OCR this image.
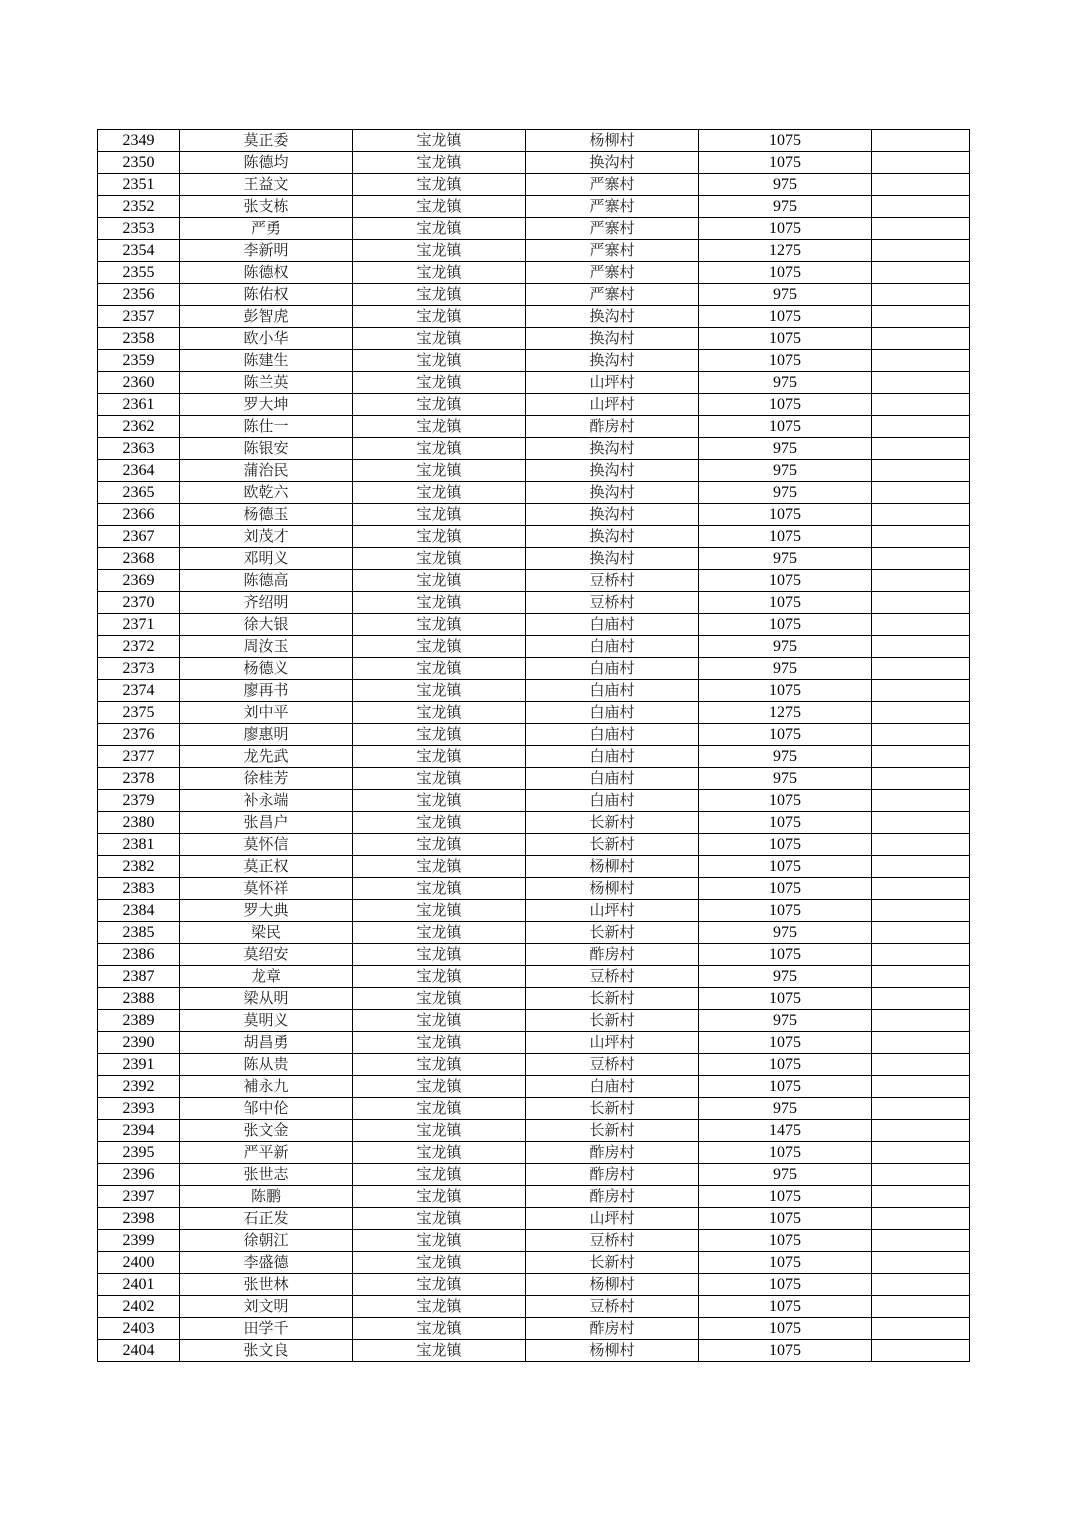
2349	莫正委	宝龙镇	杨柳村	1075	
2350	陈德均	宝龙镇	换沟村	1075	
2351	王益文	宝龙镇	严寨村	975	
2352	张支栋	宝龙镇	严寨村	975	
2353	严勇	宝龙镇	严寨村	1075	
2354	李新明	宝龙镇	严寨村	1275	
2355	陈德权	宝龙镇	严寨村	1075	
2356	陈佑权	宝龙镇	严寨村	975	
2357	彭智虎	宝龙镇	换沟村	1075	
2358	欧小华	宝龙镇	换沟村	1075	
2359	陈建生	宝龙镇	换沟村	1075	
2360	陈兰英	宝龙镇	山坪村	975	
2361	罗大坤	宝龙镇	山坪村	1075	
2362	陈仕一	宝龙镇	酢房村	1075	
2363	陈银安	宝龙镇	换沟村	975	
2364	蒲治民	宝龙镇	换沟村	975	
2365	欧乾六	宝龙镇	换沟村	975	
2366	杨德玉	宝龙镇	换沟村	1075	
2367	刘茂才	宝龙镇	换沟村	1075	
2368	邓明义	宝龙镇	换沟村	975	
2369	陈德高	宝龙镇	豆桥村	1075	
2370	齐绍明	宝龙镇	豆桥村	1075	
2371	徐大银	宝龙镇	白庙村	1075	
2372	周汝玉	宝龙镇	白庙村	975	
2373	杨德义	宝龙镇	白庙村	975	
2374	廖再书	宝龙镇	白庙村	1075	
2375	刘中平	宝龙镇	白庙村	1275	
2376	廖惠明	宝龙镇	白庙村	1075	
2377	龙先武	宝龙镇	白庙村	975	
2378	徐桂芳	宝龙镇	白庙村	975	
2379	补永端	宝龙镇	白庙村	1075	
2380	张昌户	宝龙镇	长新村	1075	
2381	莫怀信	宝龙镇	长新村	1075	
2382	莫正权	宝龙镇	杨柳村	1075	
2383	莫怀祥	宝龙镇	杨柳村	1075	
2384	罗大典	宝龙镇	山坪村	1075	
2385	梁民	宝龙镇	长新村	975	
2386	莫绍安	宝龙镇	酢房村	1075	
2387	龙章	宝龙镇	豆桥村	975	
2388	梁从明	宝龙镇	长新村	1075	
2389	莫明义	宝龙镇	长新村	975	
2390	胡昌勇	宝龙镇	山坪村	1075	
2391	陈从贵	宝龙镇	豆桥村	1075	
2392	補永九	宝龙镇	白庙村	1075	
2393	邹中伦	宝龙镇	长新村	975	
2394	张文金	宝龙镇	长新村	1475	
2395	严平新	宝龙镇	酢房村	1075	
2396	张世志	宝龙镇	酢房村	975	
2397	陈鹏	宝龙镇	酢房村	1075	
2398	石正发	宝龙镇	山坪村	1075	
2399	徐朝江	宝龙镇	豆桥村	1075	
2400	李盛德	宝龙镇	长新村	1075	
2401	张世林	宝龙镇	杨柳村	1075	
2402	刘文明	宝龙镇	豆桥村	1075	
2403	田学千	宝龙镇	酢房村	1075	
2404	张文良	宝龙镇	杨柳村	1075	
